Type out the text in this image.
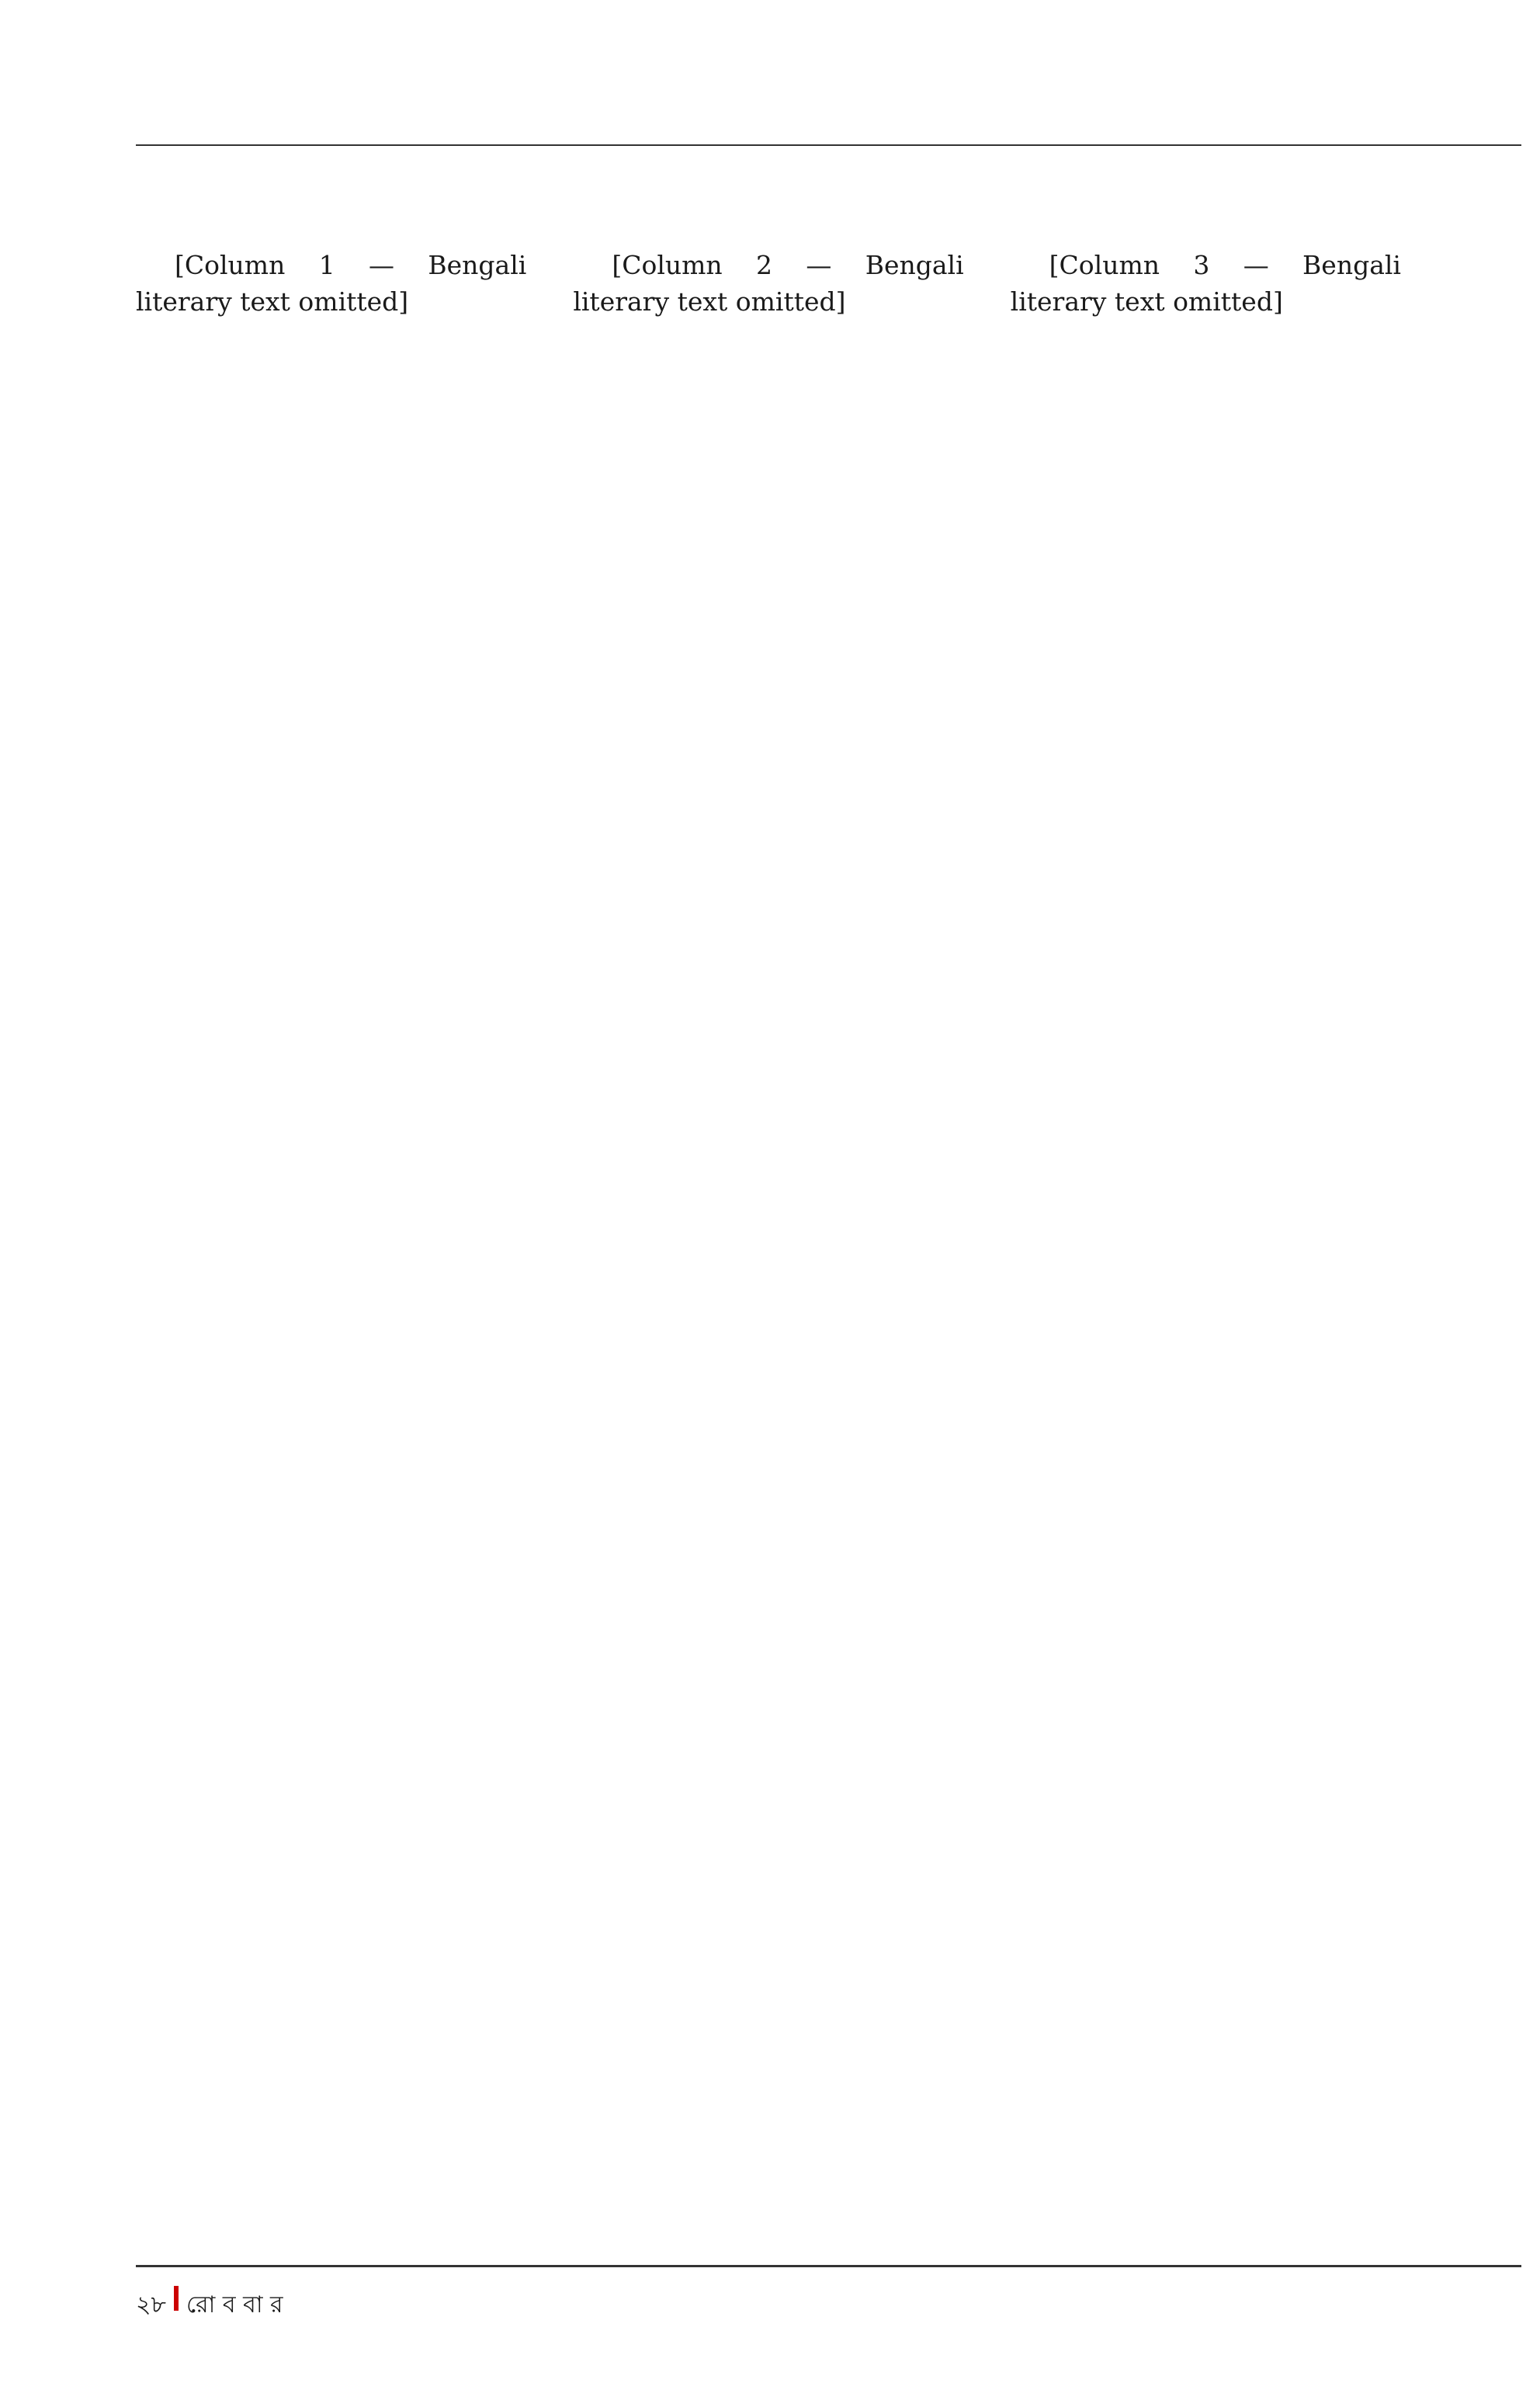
[Column 1 — Bengali literary text omitted]

[Column 2 — Bengali literary text omitted]

[Column 3 — Bengali literary text omitted]

২৮ রো ব বা র
